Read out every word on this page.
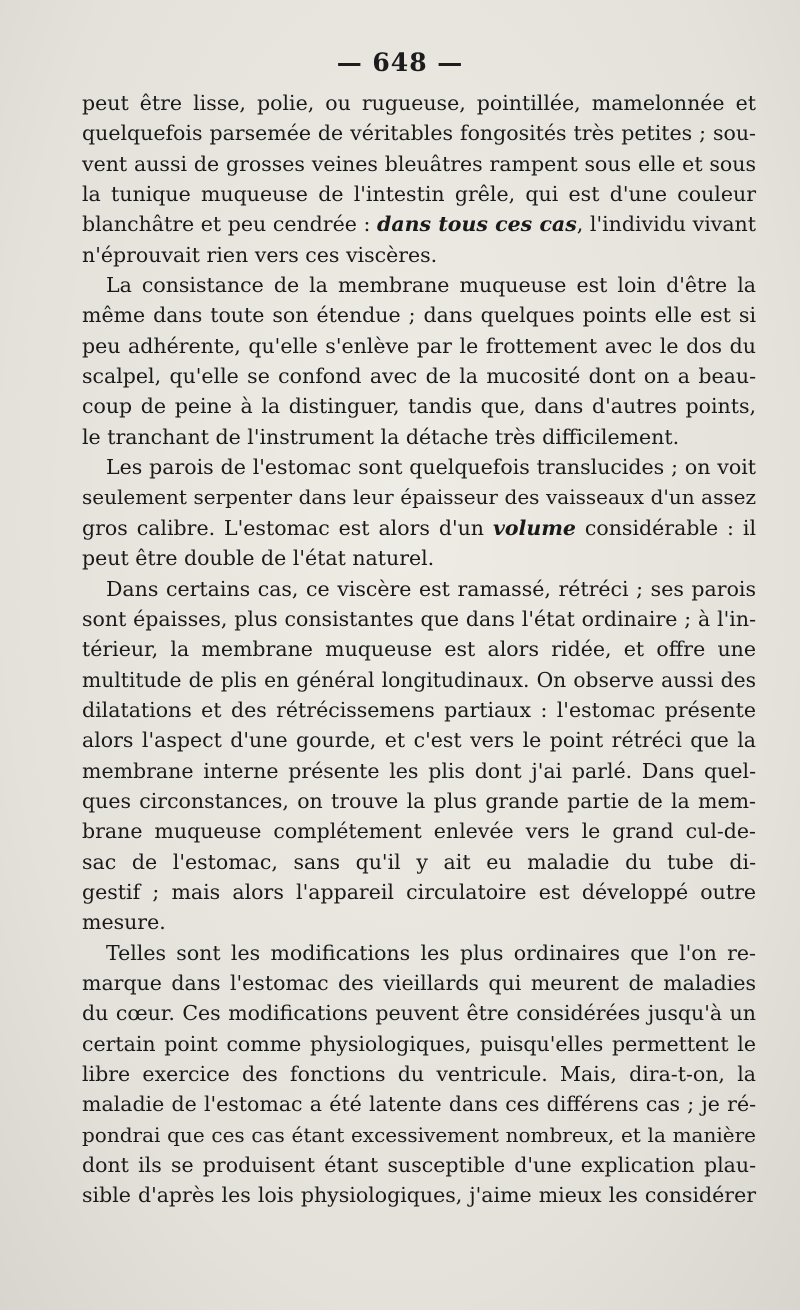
— 648 —
peut être lisse, polie, ou rugueuse, pointillée, mamelonnée et
quelquefois parsemée de véritables fongosités très petites ; sou-
vent aussi de grosses veines bleuâtres rampent sous elle et sous
la tunique muqueuse de l'intestin grêle, qui est d'une couleur
blanchâtre et peu cendrée : dans tous ces cas, l'individu vivant
n'éprouvait rien vers ces viscères.
La consistance de la membrane muqueuse est loin d'être la
même dans toute son étendue ; dans quelques points elle est si
peu adhérente, qu'elle s'enlève par le frottement avec le dos du
scalpel, qu'elle se confond avec de la mucosité dont on a beau-
coup de peine à la distinguer, tandis que, dans d'autres points,
le tranchant de l'instrument la détache très difficilement.
Les parois de l'estomac sont quelquefois translucides ; on voit
seulement serpenter dans leur épaisseur des vaisseaux d'un assez
gros calibre. L'estomac est alors d'un volume considérable : il
peut être double de l'état naturel.
Dans certains cas, ce viscère est ramassé, rétréci ; ses parois
sont épaisses, plus consistantes que dans l'état ordinaire ; à l'in-
térieur, la membrane muqueuse est alors ridée, et offre une
multitude de plis en général longitudinaux. On observe aussi des
dilatations et des rétrécissemens partiaux : l'estomac présente
alors l'aspect d'une gourde, et c'est vers le point rétréci que la
membrane interne présente les plis dont j'ai parlé. Dans quel-
ques circonstances, on trouve la plus grande partie de la mem-
brane muqueuse complétement enlevée vers le grand cul-de-
sac de l'estomac, sans qu'il y ait eu maladie du tube di-
gestif ; mais alors l'appareil circulatoire est développé outre
mesure.
Telles sont les modifications les plus ordinaires que l'on re-
marque dans l'estomac des vieillards qui meurent de maladies
du cœur. Ces modifications peuvent être considérées jusqu'à un
certain point comme physiologiques, puisqu'elles permettent le
libre exercice des fonctions du ventricule. Mais, dira-t-on, la
maladie de l'estomac a été latente dans ces différens cas ; je ré-
pondrai que ces cas étant excessivement nombreux, et la manière
dont ils se produisent étant susceptible d'une explication plau-
sible d'après les lois physiologiques, j'aime mieux les considérer
